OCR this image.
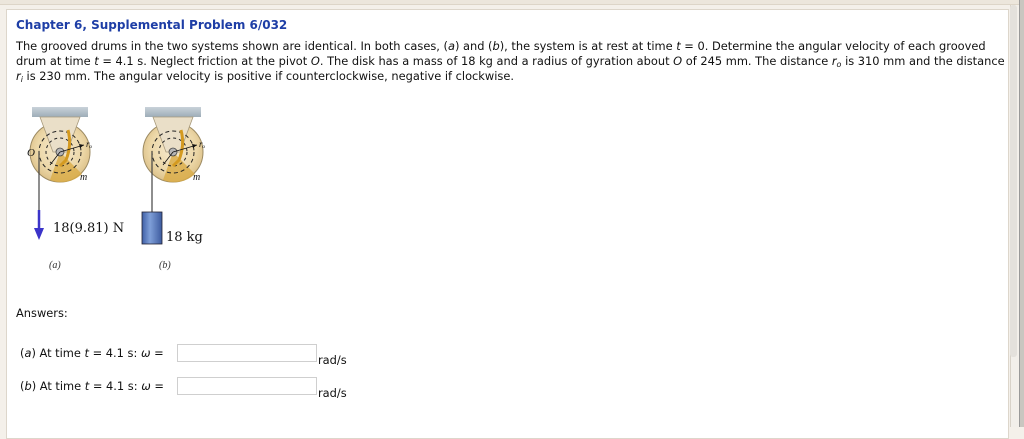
Chapter 6, Supplemental Problem 6/032

The grooved drums in the two systems shown are identical. In both cases, (a) and (b), the system is at rest at time t = 0. Determine the angular velocity of each grooved drum at time t = 4.1 s. Neglect friction at the pivot O. The disk has a mass of 18 kg and a radius of gyration about O of 245 mm. The distance $r_o$ is 310 mm and the distance $r_i$ is 230 mm. The angular velocity is positive if counterclockwise, negative if clockwise.

O
rₒ
m
rₒ
m
18(9.81) N
18 kg
(a)	(b)
Answers:
(a) At time t = 4.1 s: ω =	rad/s
(b) At time t = 4.1 s: ω =	rad/s
